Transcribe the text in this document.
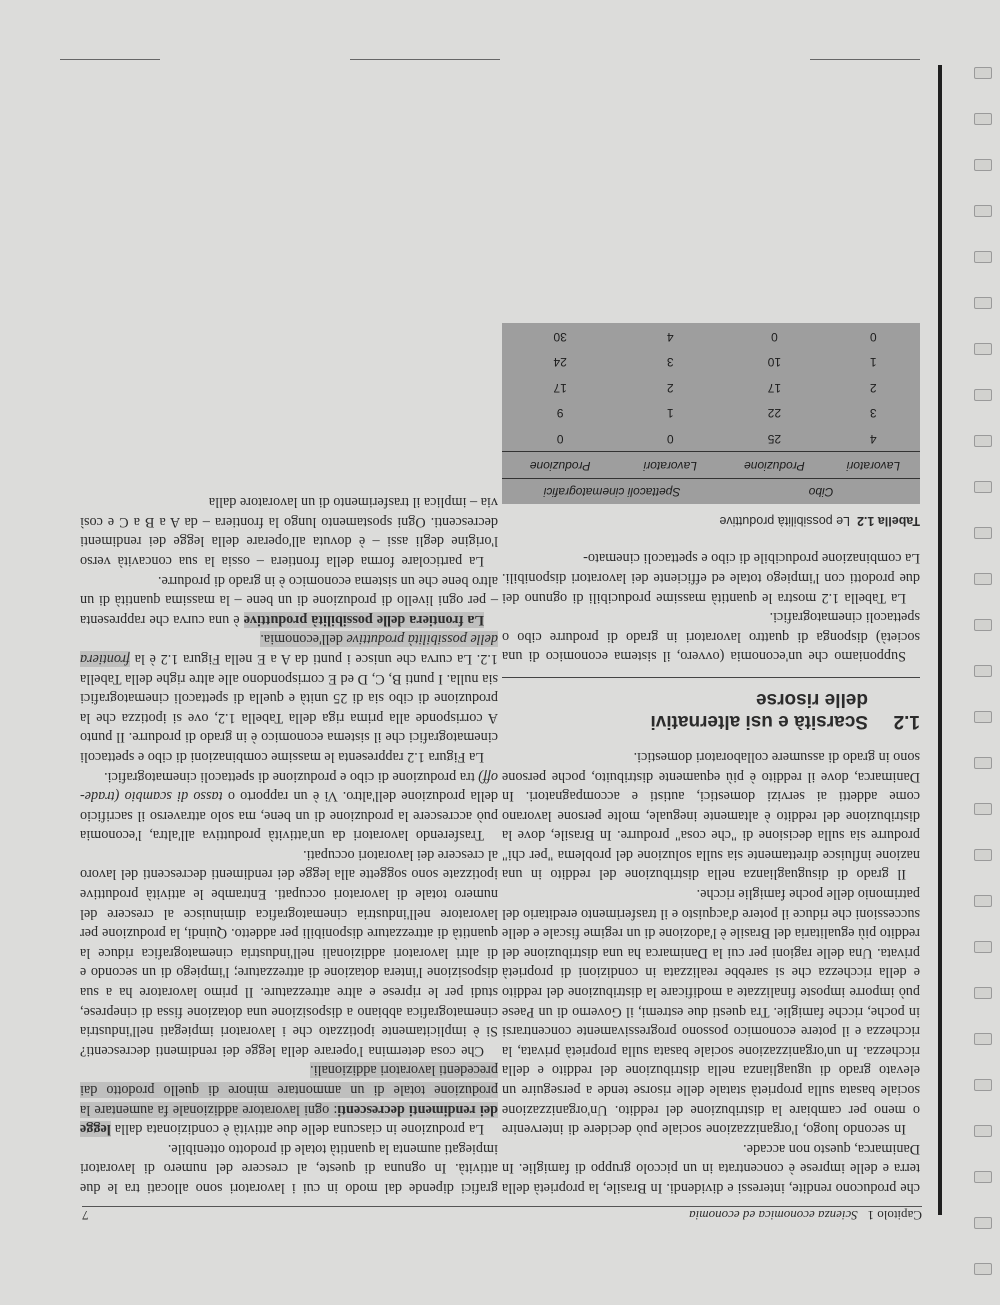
Capitolo 1   Scienza economica ed economia
7

che producono rendite, interessi e dividendi. In Brasile, la proprietà della terra e delle imprese è concentrata in un piccolo gruppo di famiglie. In Danimarca, questo non accade.

In secondo luogo, l'organizzazione sociale può decidere di intervenire o meno per cambiare la distribuzione del reddito. Un'organizzazione sociale basata sulla proprietà statale delle risorse tende a perseguire un elevato grado di uguaglianza nella distribuzione del reddito e della ricchezza. In un'organizzazione sociale basata sulla proprietà privata, la ricchezza e il potere economico possono progressivamente concentrarsi in poche, ricche famiglie. Tra questi due estremi, il Governo di un Paese può imporre imposte finalizzate a modificare la distribuzione del reddito e della ricchezza che si sarebbe realizzata in condizioni di proprietà privata. Una delle ragioni per cui la Danimarca ha una distribuzione del reddito più egualitaria del Brasile è l'adozione di un regime fiscale e delle successioni che riduce il potere d'acquisto e il trasferimento ereditario del patrimonio delle poche famiglie ricche.

Il grado di disuguaglianza nella distribuzione del reddito in una nazione influisce direttamente sia sulla soluzione del problema "per chi" produrre sia sulla decisione di "che cosa" produrre. In Brasile, dove la distribuzione del reddito è altamente ineguale, molte persone lavorano come addetti ai servizi domestici, autisti e accompagnatori. In Danimarca, dove il reddito è più equamente distribuito, poche persone sono in grado di assumere collaboratori domestici.

1.2Scarsità e usi alternativi
delle risorse

Supponiamo che un'economia (ovvero, il sistema economico di una società) disponga di quattro lavoratori in grado di produrre cibo o spettacoli cinematografici.

La Tabella 1.2 mostra le quantità massime producibili di ognuno dei due prodotti con l'impiego totale ed efficiente dei lavoratori disponibili. La combinazione producibile di cibo e spettacoli cinemato-

Tabella 1.2  Le possibilità produttive
Cibo		Spettacoli cinematografici	
Lavoratori	Produzione	Lavoratori	Produzione
4	25	0	0
3	22	1	9
2	17	2	17
1	10	3	24
0	0	4	30

grafici dipende dal modo in cui i lavoratori sono allocati tra le due attività. In ognuna di queste, al crescere del numero di lavoratori impiegati aumenta la quantità totale di prodotto ottenibile.

La produzione in ciascuna delle due attività è condizionata dalla legge dei rendimenti decrescenti: ogni lavoratore addizionale fa aumentare la produzione totale di un ammontare minore di quello prodotto dai precedenti lavoratori addizionali.

Che cosa determina l'operare della legge dei rendimenti decrescenti? Si è implicitamente ipotizzato che i lavoratori impiegati nell'industria cinematografica abbiano a disposizione una dotazione fissa di cineprese, studi per le riprese e altre attrezzature. Il primo lavoratore ha a sua disposizione l'intera dotazione di attrezzature; l'impiego di un secondo e di altri lavoratori addizionali nell'industria cinematografica riduce la quantità di attrezzature disponibili per addetto. Quindi, la produzione per lavoratore nell'industria cinematografica diminuisce al crescere del numero totale di lavoratori occupati. Entrambe le attività produttive ipotizzate sono soggette alla legge dei rendimenti decrescenti del lavoro al crescere dei lavoratori occupati.

Trasferendo lavoratori da un'attività produttiva all'altra, l'economia può accrescere la produzione di un bene, ma solo attraverso il sacrificio della produzione dell'altro. Vi è un rapporto o tasso di scambio (trade-off) tra produzione di cibo e produzione di spettacoli cinematografici.

La Figura 1.2 rappresenta le massime combinazioni di cibo e spettacoli cinematografici che il sistema economico è in grado di produrre. Il punto A corrisponde alla prima riga della Tabella 1.2, ove si ipotizza che la produzione di cibo sia di 25 unità e quella di spettacoli cinematografici sia nulla. I punti B, C, D ed E corrispondono alle altre righe della Tabella 1.2. La curva che unisce i punti da A a E nella Figura 1.2 è la frontiera delle possibilità produttive dell'economia.

La frontiera delle possibilità produttive è una curva che rappresenta – per ogni livello di produzione di un bene – la massima quantità di un altro bene che un sistema economico è in grado di produrre.

La particolare forma della frontiera – ossia la sua concavità verso l'origine degli assi – è dovuta all'operare della legge dei rendimenti decrescenti. Ogni spostamento lungo la frontiera – da A a B a C e così via – implica il trasferimento di un lavoratore dalla
